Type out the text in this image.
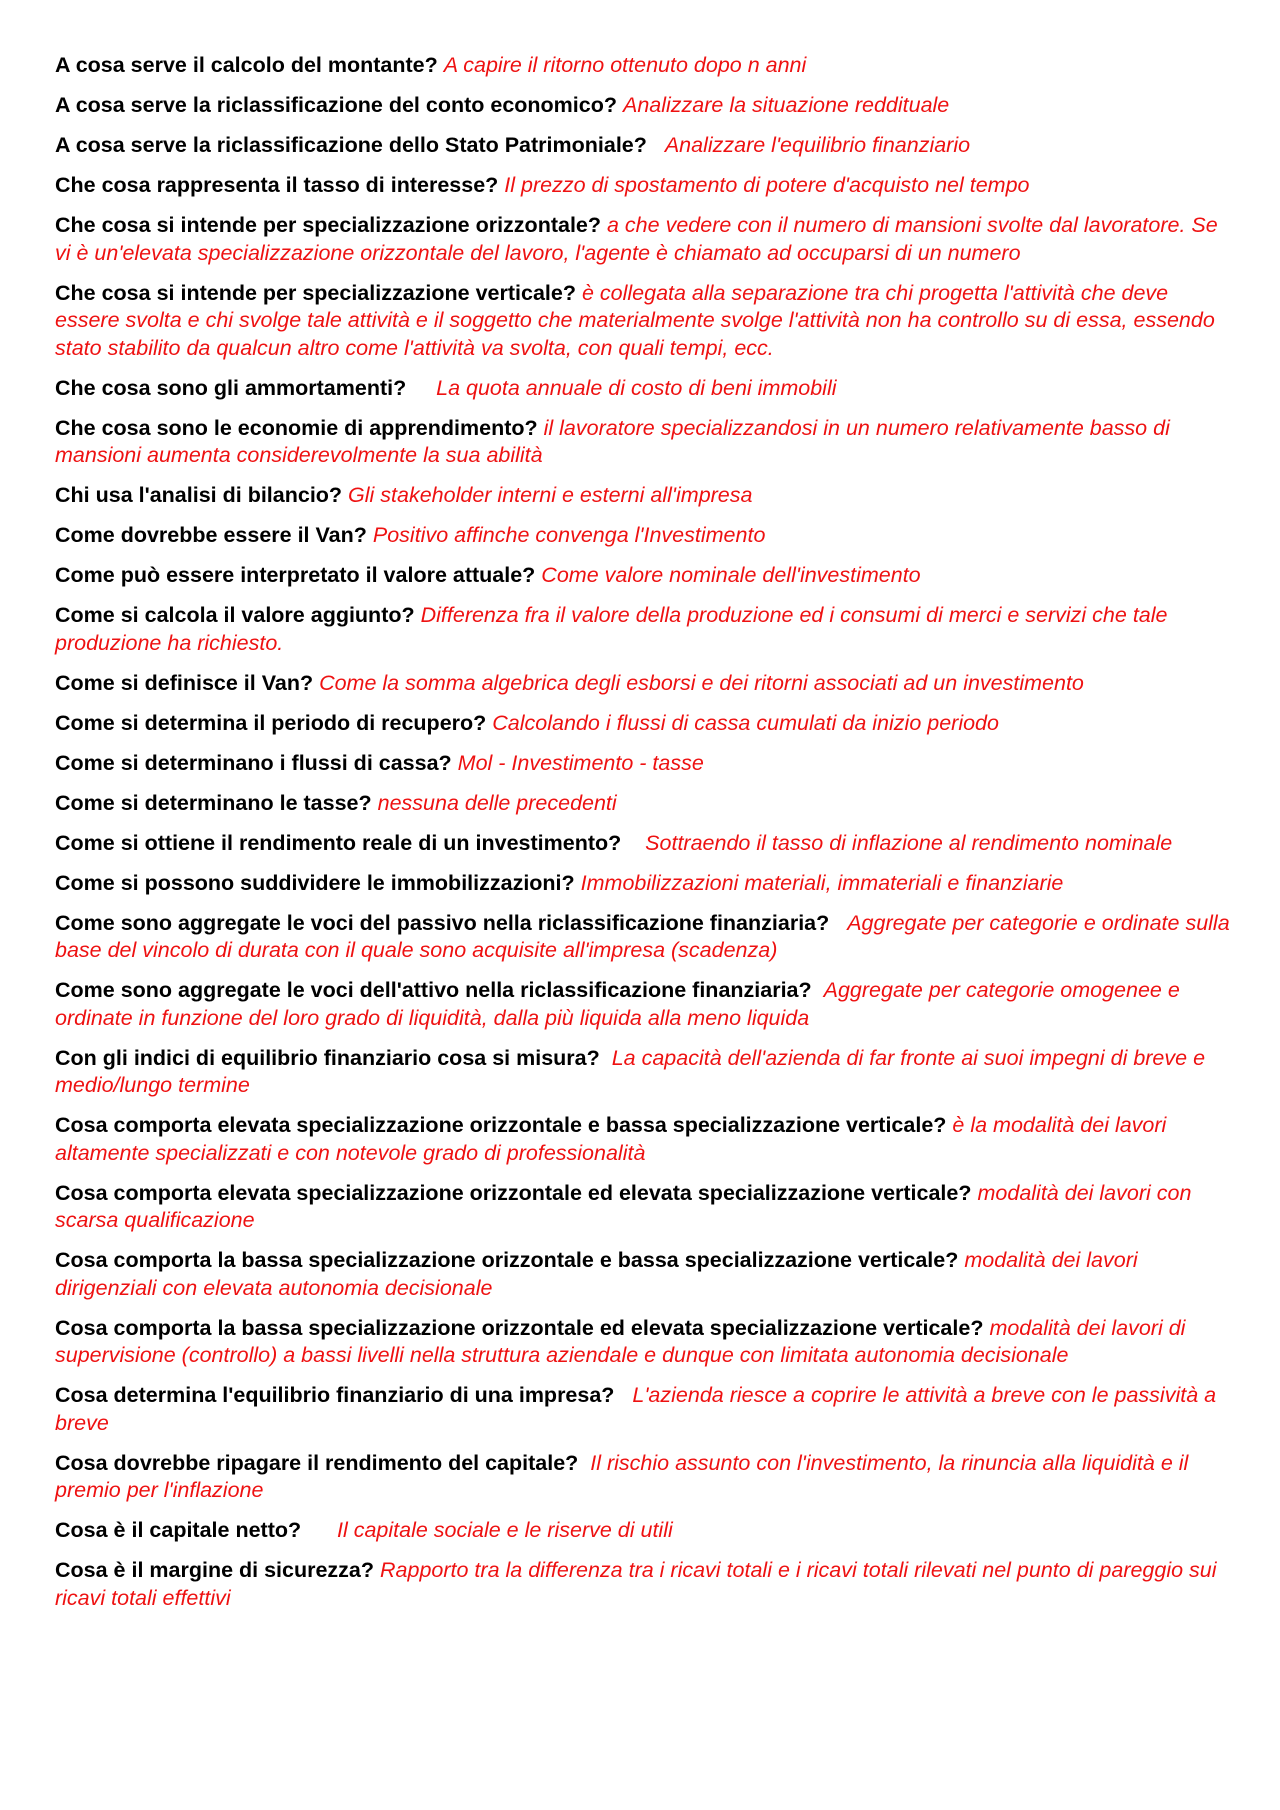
A cosa serve il calcolo del montante? A capire il ritorno ottenuto dopo n anni

A cosa serve la riclassificazione del conto economico? Analizzare la situazione reddituale

A cosa serve la riclassificazione dello Stato Patrimoniale? Analizzare l'equilibrio finanziario

Che cosa rappresenta il tasso di interesse? Il prezzo di spostamento di potere d'acquisto nel tempo

Che cosa si intende per specializzazione orizzontale? a che vedere con il numero di mansioni svolte dal lavoratore. Se vi è un'elevata specializzazione orizzontale del lavoro, l'agente è chiamato ad occuparsi di un numero

Che cosa si intende per specializzazione verticale? è collegata alla separazione tra chi progetta l'attività che deve essere svolta e chi svolge tale attività e il soggetto che materialmente svolge l'attività non ha controllo su di essa, essendo stato stabilito da qualcun altro come l'attività va svolta, con quali tempi, ecc.

Che cosa sono gli ammortamenti? La quota annuale di costo di beni immobili

Che cosa sono le economie di apprendimento? il lavoratore specializzandosi in un numero relativamente basso di mansioni aumenta considerevolmente la sua abilità

Chi usa l'analisi di bilancio? Gli stakeholder interni e esterni all'impresa

Come dovrebbe essere il Van? Positivo affinche convenga l'Investimento

Come può essere interpretato il valore attuale? Come valore nominale dell'investimento

Come si calcola il valore aggiunto? Differenza fra il valore della produzione ed i consumi di merci e servizi che tale produzione ha richiesto.

Come si definisce il Van? Come la somma algebrica degli esborsi e dei ritorni associati ad un investimento

Come si determina il periodo di recupero? Calcolando i flussi di cassa cumulati da inizio periodo

Come si determinano i flussi di cassa? Mol - Investimento - tasse

Come si determinano le tasse? nessuna delle precedenti

Come si ottiene il rendimento reale di un investimento? Sottraendo il tasso di inflazione al rendimento nominale

Come si possono suddividere le immobilizzazioni? Immobilizzazioni materiali, immateriali e finanziarie

Come sono aggregate le voci del passivo nella riclassificazione finanziaria? Aggregate per categorie e ordinate sulla base del vincolo di durata con il quale sono acquisite all'impresa (scadenza)

Come sono aggregate le voci dell'attivo nella riclassificazione finanziaria? Aggregate per categorie omogenee e ordinate in funzione del loro grado di liquidità, dalla più liquida alla meno liquida

Con gli indici di equilibrio finanziario cosa si misura? La capacità dell'azienda di far fronte ai suoi impegni di breve e medio/lungo termine

Cosa comporta elevata specializzazione orizzontale e bassa specializzazione verticale? è la modalità dei lavori altamente specializzati e con notevole grado di professionalità

Cosa comporta elevata specializzazione orizzontale ed elevata specializzazione verticale? modalità dei lavori con scarsa qualificazione

Cosa comporta la bassa specializzazione orizzontale e bassa specializzazione verticale? modalità dei lavori dirigenziali con elevata autonomia decisionale

Cosa comporta la bassa specializzazione orizzontale ed elevata specializzazione verticale? modalità dei lavori di supervisione (controllo) a bassi livelli nella struttura aziendale e dunque con limitata autonomia decisionale

Cosa determina l'equilibrio finanziario di una impresa? L'azienda riesce a coprire le attività a breve con le passività a breve

Cosa dovrebbe ripagare il rendimento del capitale? Il rischio assunto con l'investimento, la rinuncia alla liquidità e il premio per l'inflazione

Cosa è il capitale netto? Il capitale sociale e le riserve di utili

Cosa è il margine di sicurezza? Rapporto tra la differenza tra i ricavi totali e i ricavi totali rilevati nel punto di pareggio sui ricavi totali effettivi
